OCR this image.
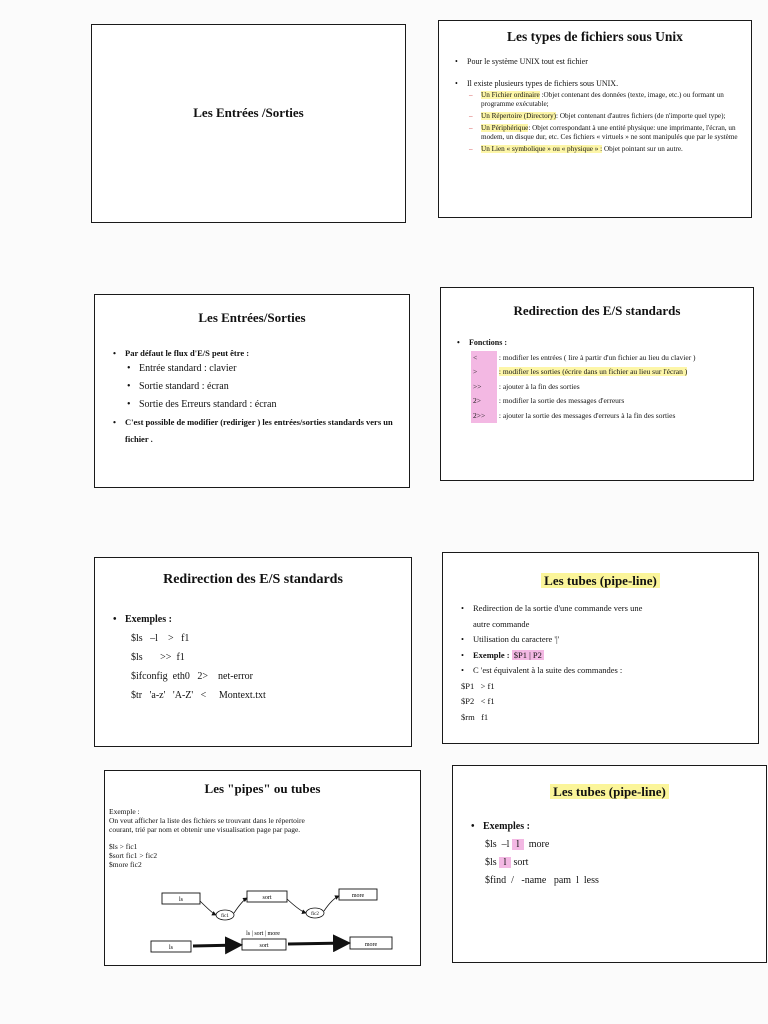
Les Entrées /Sorties
Les types de fichiers sous Unix
• Pour le système UNIX tout est fichier
• Il existe plusieurs types de fichiers sous UNIX.
– Un Fichier ordinaire :Objet contenant des données (texte, image, etc.) ou formant un programme exécutable;
– Un Répertoire (Directory): Objet contenant d'autres fichiers (de n'importe quel type);
– Un Périphérique: Objet correspondant à une entité physique: une imprimante, l'écran, un modem, un disque dur, etc. Ces fichiers « virtuels » ne sont manipulés que par le système
– Un Lien « symbolique » ou « physique » : Objet pointant sur un autre.
Les Entrées/Sorties
• Par défaut le flux d'E/S peut être :
• Entrée standard : clavier
• Sortie standard : écran
• Sortie des Erreurs standard : écran
• C'est possible de modifier (rediriger ) les entrées/sorties standards vers un fichier .
Redirection des E/S standards
• Fonctions :
<	: modifier les entrées ( lire à partir d'un fichier au lieu du clavier )
>	: modifier les sorties (écrire dans un fichier au lieu sur l'écran )
>> : ajouter à la fin des sorties
2> : modifier la sortie des messages d'erreurs
2>> : ajouter la sortie des messages d'erreurs à la fin des sorties
Redirection des E/S standards
• Exemples :
$ls   –l    >   f1
$ls       >>  f1
$ifconfig  eth0   2>    net-error
$tr   'a-z'   'A-Z'   <     Montext.txt
Les tubes (pipe-line)
• Redirection de la sortie d'une commande vers une
autre commande
• Utilisation du caractere '|'
• Exemple : $P1 | P2
• C 'est équivalent à la suite des commandes :
$P1   > f1
$P2   < f1
$rm   f1
Les "pipes" ou tubes
Exemple :
On veut afficher la liste des fichiers se trouvant dans le répertoire
courant, trié par nom et obtenir une visualisation page par page.
$ls > fic1
$sort fic1 > fic2
$more fic2
ls	sort	more
fic1	fic2
ls | sort | more
ls	sort	more
Les tubes (pipe-line)
• Exemples :
$ls  –l  l   more
$ls  l  sort
$find  /   -name   pam  l  less
